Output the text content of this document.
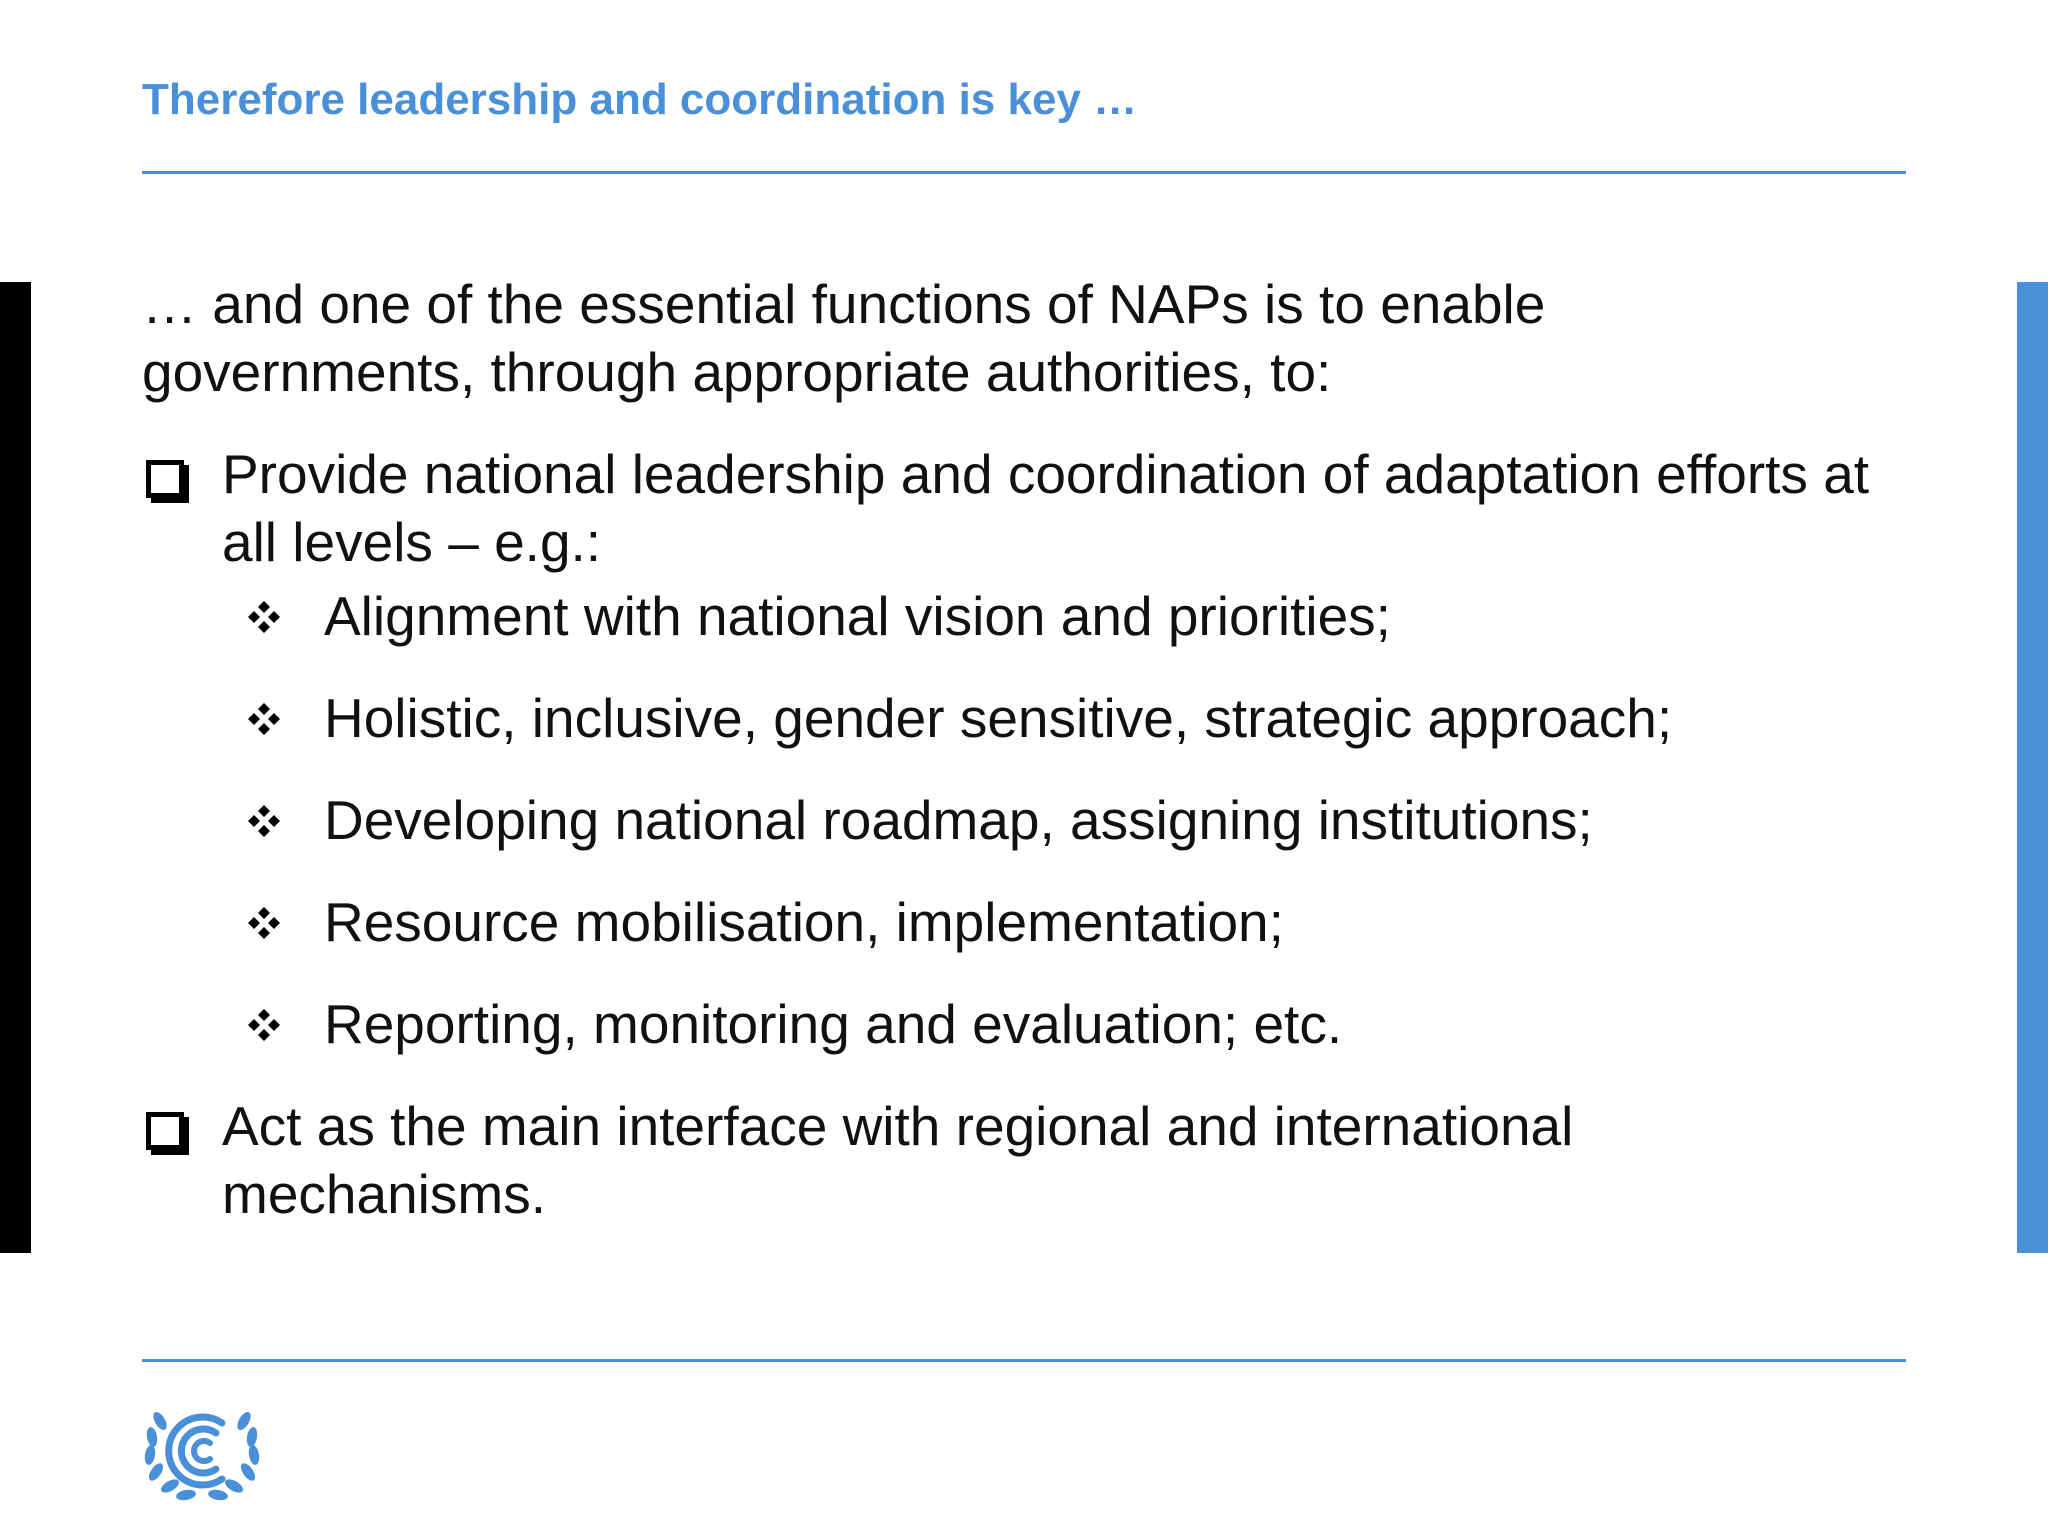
Therefore leadership and coordination is key …
… and one of the essential functions of NAPs is to enable governments, through appropriate authorities, to:
Provide national leadership and coordination of adaptation efforts at all levels – e.g.:
Alignment with national vision and priorities;
Holistic, inclusive, gender sensitive, strategic approach;
Developing national roadmap, assigning institutions;
Resource mobilisation, implementation;
Reporting, monitoring and evaluation; etc.
Act as the main interface with regional and international mechanisms.
